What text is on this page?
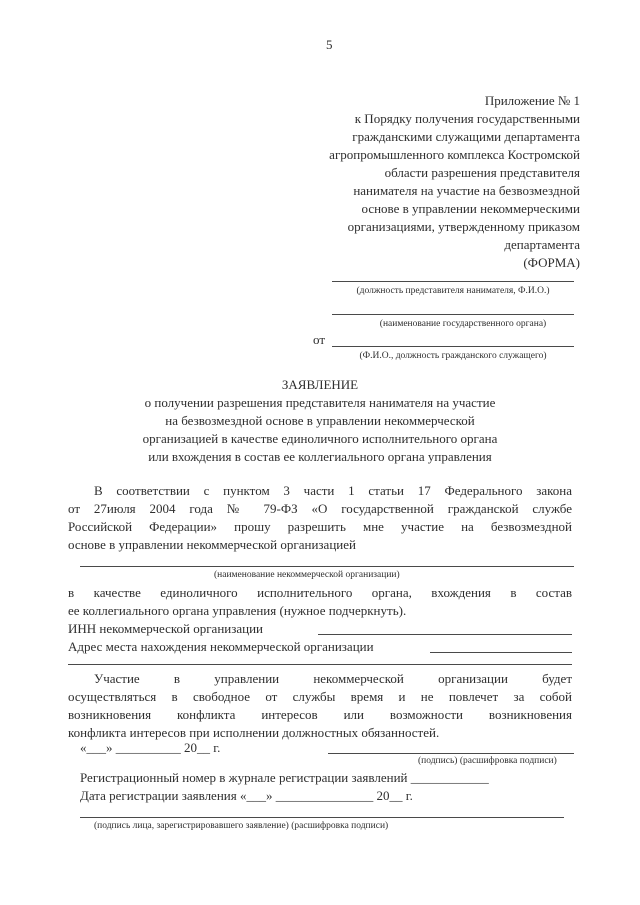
5
Приложение № 1
к Порядку получения государственными
гражданскими служащими департамента
агропромышленного комплекса Костромской
области разрешения представителя
нанимателя на участие на безвозмездной
основе в управлении некоммерческими
организациями, утвержденному приказом
департамента
(ФОРМА)
(должность представителя нанимателя, Ф.И.О.)
(наименование государственного органа)
от
(Ф.И.О., должность гражданского служащего)
ЗАЯВЛЕНИЕ
о получении разрешения представителя нанимателя на участие
на безвозмездной основе в управлении некоммерческой
организацией в качестве единоличного исполнительного органа
или вхождения в состав ее коллегиального органа управления
В соответствии с пунктом 3 части 1 статьи 17 Федерального закона
от 27июля 2004 года № 79-ФЗ «О государственной гражданской службе
Российской Федерации» прошу разрешить мне участие на безвозмездной
основе в управлении некоммерческой организацией
(наименование некоммерческой организации)
в качестве единоличного исполнительного органа, вхождения в состав
ее коллегиального органа управления (нужное подчеркнуть).
ИНН некоммерческой организации
Адрес места нахождения некоммерческой организации
Участие в управлении некоммерческой организации будет
осуществляться в свободное от службы время и не повлечет за собой
возникновения конфликта интересов или возможности возникновения
конфликта интересов при исполнении должностных обязанностей.
«___» __________ 20__ г.
(подпись) (расшифровка подписи)
Регистрационный номер в журнале регистрации заявлений ____________
Дата регистрации заявления «___» _______________ 20__ г.
(подпись лица, зарегистрировавшего заявление) (расшифровка подписи)
